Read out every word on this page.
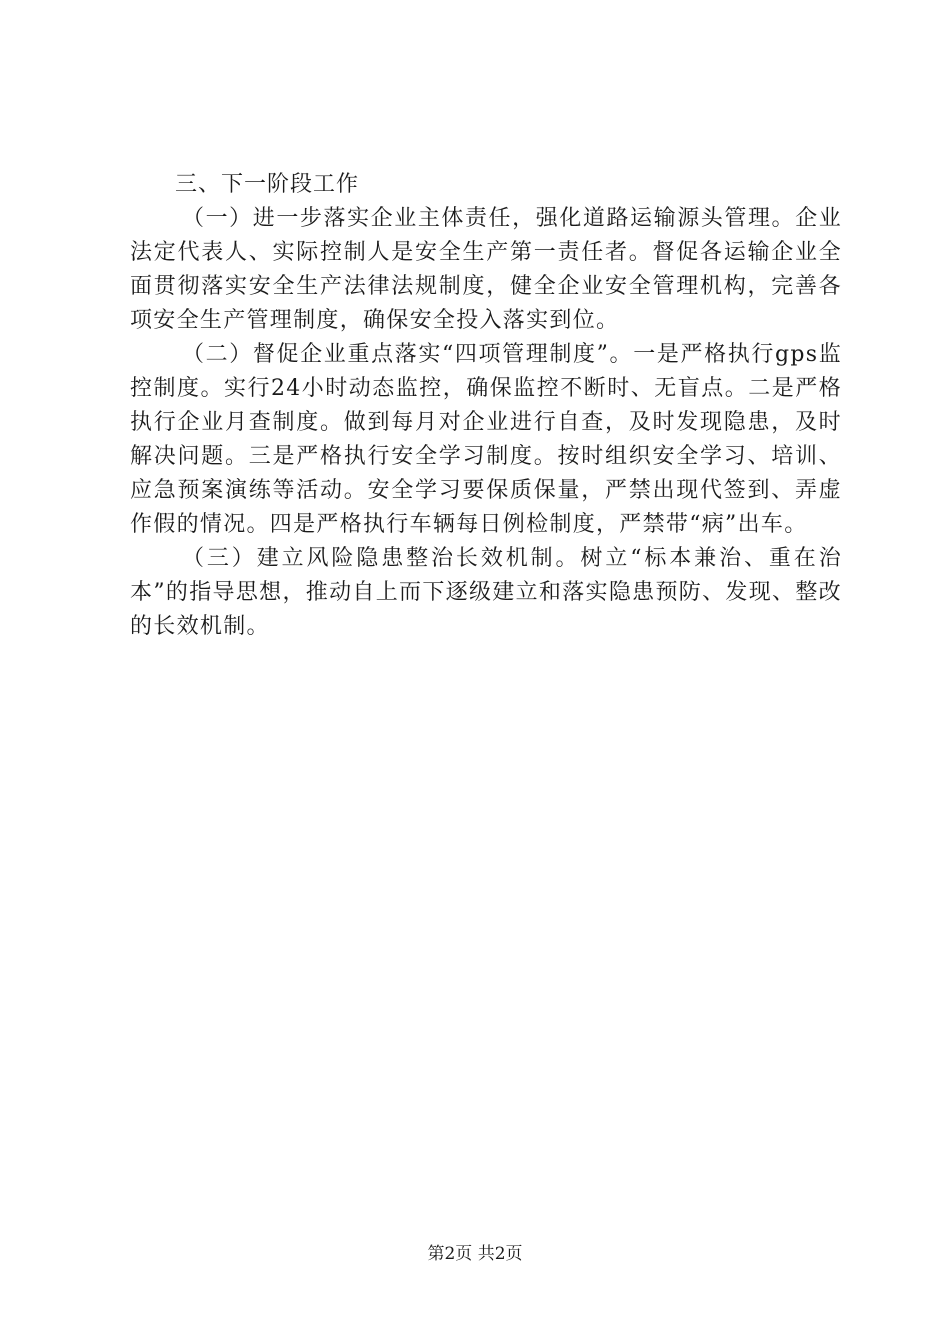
三、下一阶段工作

（一）进一步落实企业主体责任，强化道路运输源头管理。企业法定代表人、实际控制人是安全生产第一责任者。督促各运输企业全面贯彻落实安全生产法律法规制度，健全企业安全管理机构，完善各项安全生产管理制度，确保安全投入落实到位。

（二）督促企业重点落实“四项管理制度”。一是严格执行gps监控制度。实行24小时动态监控，确保监控不断时、无盲点。二是严格执行企业月查制度。做到每月对企业进行自查，及时发现隐患，及时解决问题。三是严格执行安全学习制度。按时组织安全学习、培训、应急预案演练等活动。安全学习要保质保量，严禁出现代签到、弄虚作假的情况。四是严格执行车辆每日例检制度，严禁带“病”出车。

（三）建立风险隐患整治长效机制。树立“标本兼治、重在治本”的指导思想，推动自上而下逐级建立和落实隐患预防、发现、整改的长效机制。

第2页 共2页
